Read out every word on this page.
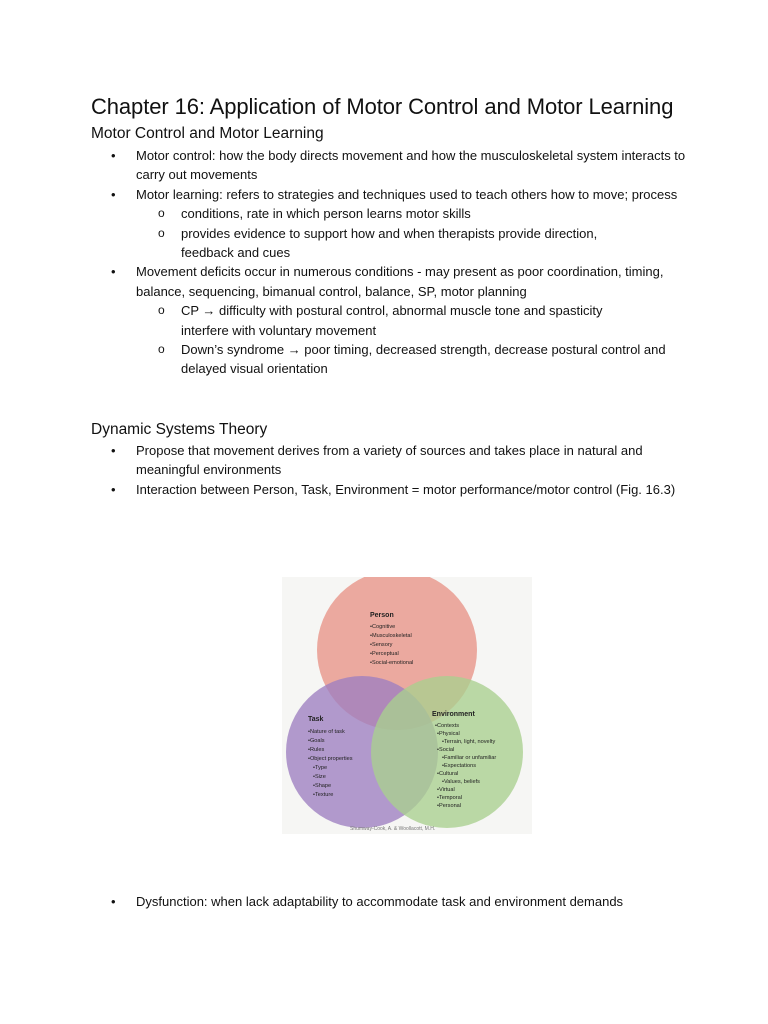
Chapter 16: Application of Motor Control and Motor Learning
Motor Control and Motor Learning
• Motor control: how the body directs movement and how the musculoskeletal system interacts to carry out movements
• Motor learning: refers to strategies and techniques used to teach others how to move; process
o conditions, rate in which person learns motor skills
o provides evidence to support how and when therapists provide direction, feedback and cues
• Movement deficits occur in numerous conditions - may present as poor coordination, timing, balance, sequencing, bimanual control, balance, SP, motor planning
o CP → difficulty with postural control, abnormal muscle tone and spasticity interfere with voluntary movement
o Down’s syndrome → poor timing, decreased strength, decrease postural control and delayed visual orientation
Dynamic Systems Theory
• Propose that movement derives from a variety of sources and takes place in natural and meaningful environments
• Interaction between Person, Task, Environment = motor performance/motor control (Fig. 16.3)
Person
•Cognitive
•Musculoskeletal
•Sensory
•Perceptual
•Social-emotional
Task
•Nature of task
•Goals
•Rules
•Object properties
•Type
•Size
•Shape
•Texture
Environment
•Contexts
•Physical
•Terrain, light, novelty
•Social
•Familiar or unfamiliar
•Expectations
•Cultural
•Values, beliefs
•Virtual
•Temporal
•Personal
Shumway-Cook, A. & Woollacott, M.H.
• Dysfunction: when lack adaptability to accommodate task and environment demands
